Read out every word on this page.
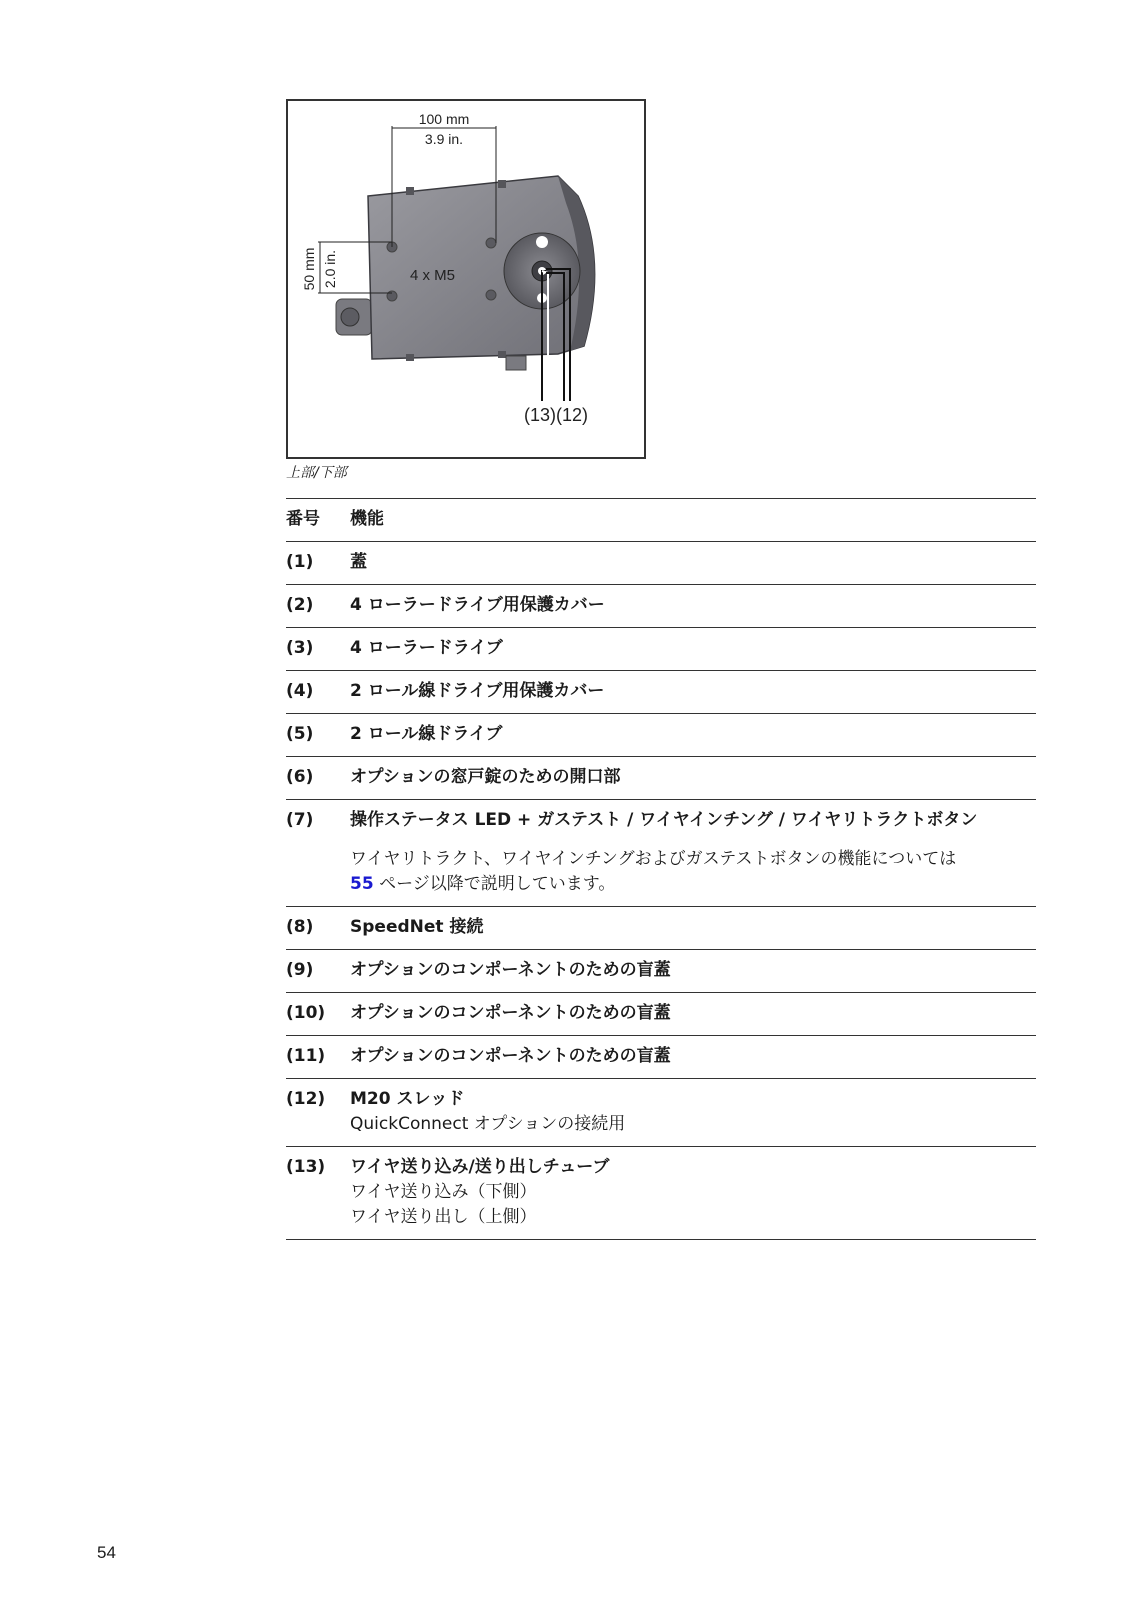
100 mm
3.9 in.
50 mm 2.0 in.	4 x M5
(13)(12)
上部/下部
番号	機能
(1)	蓋

(2)	4 ローラードライブ用保護カバー

(3)	4 ローラードライブ

(4)	2 ロール線ドライブ用保護カバー

(5)	2 ロール線ドライブ

(6)	オプションの窓戸錠のための開口部

(7)	操作ステータス LED + ガステスト / ワイヤインチング / ワイヤリトラクトボタン
ワイヤリトラクト、ワイヤインチングおよびガステストボタンの機能については
55 ページ以降で説明しています。

(8)	SpeedNet 接続

(9)	オプションのコンポーネントのための盲蓋

(10)	オプションのコンポーネントのための盲蓋

(11)	オプションのコンポーネントのための盲蓋

(12)	M20 スレッド
QuickConnect オプションの接続用

(13)	ワイヤ送り込み/送り出しチューブ
ワイヤ送り込み（下側）
ワイヤ送り出し（上側）
54
